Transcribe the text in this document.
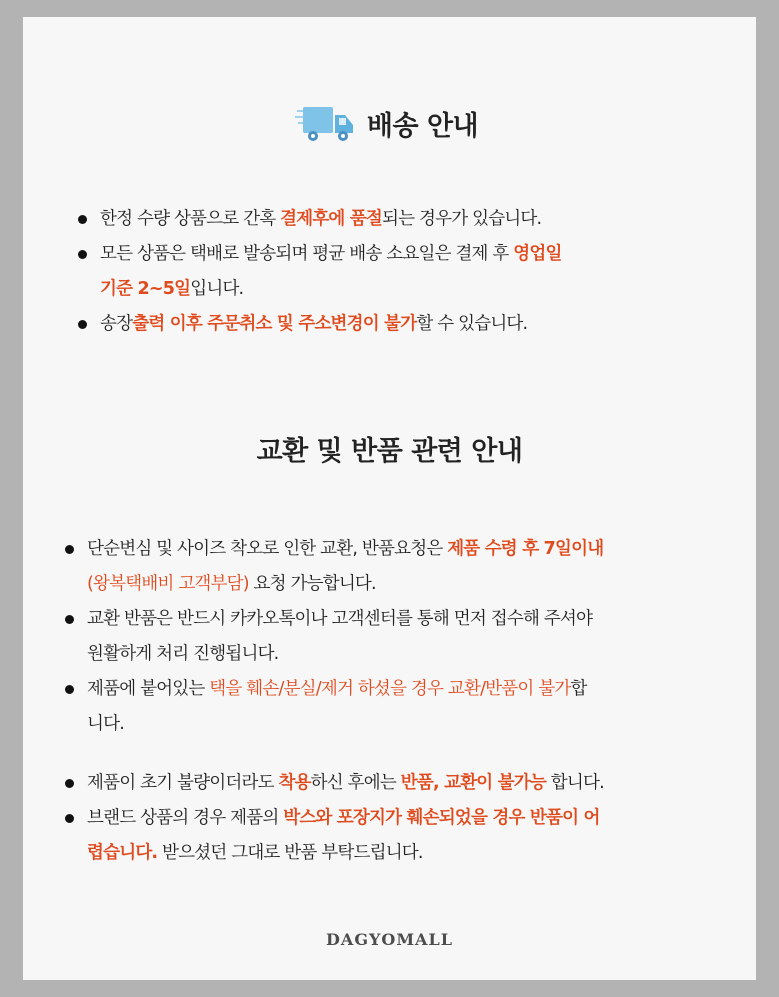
배송 안내
한정 수량 상품으로 간혹 결제후에 품절되는 경우가 있습니다.
모든 상품은 택배로 발송되며 평균 배송 소요일은 결제 후 영업일
기준 2~5일입니다.
송장출력 이후 주문취소 및 주소변경이 불가할 수 있습니다.
교환 및 반품 관련 안내
단순변심 및 사이즈 착오로 인한 교환, 반품요청은 제품 수령 후 7일이내
(왕복택배비 고객부담) 요청 가능합니다.
교환 반품은 반드시 카카오톡이나 고객센터를 통해 먼저 접수해 주셔야
원활하게 처리 진행됩니다.
제품에 붙어있는 택을 훼손/분실/제거 하셨을 경우 교환/반품이 불가합
니다.
제품이 초기 불량이더라도 착용하신 후에는 반품, 교환이 불가능 합니다.
브랜드 상품의 경우 제품의 박스와 포장지가 훼손되었을 경우 반품이 어
렵습니다. 받으셨던 그대로 반품 부탁드립니다.
DAGYOMALL
